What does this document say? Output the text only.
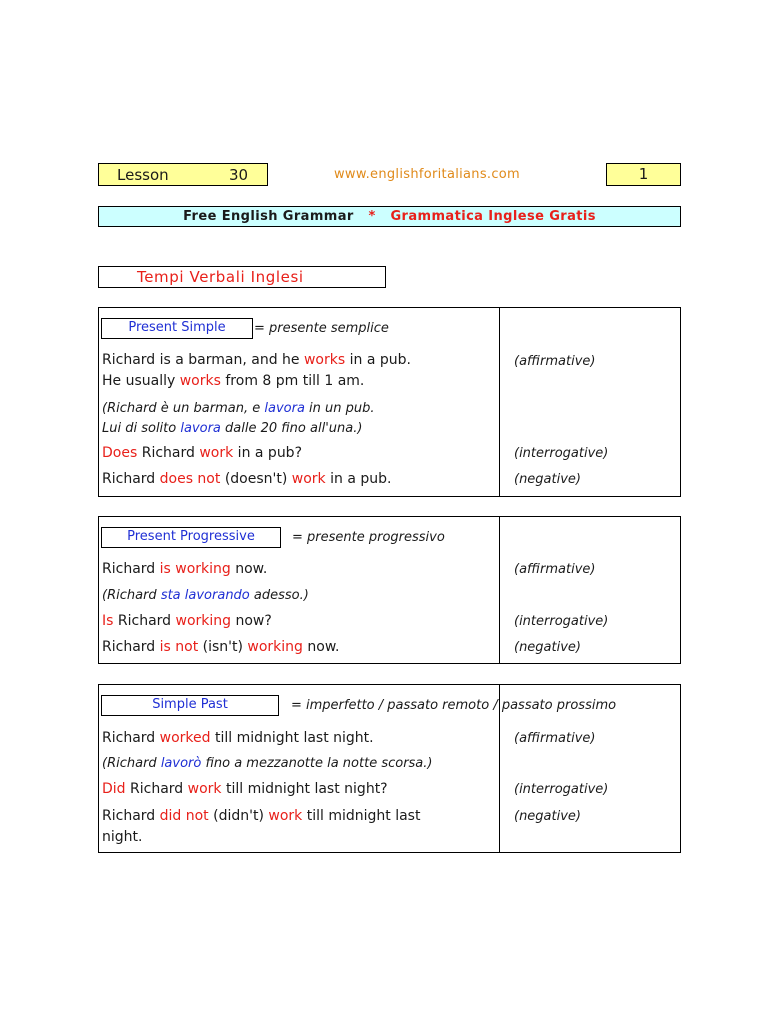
Lesson	30	www.englishforitalians.com	1
Free English Grammar * Grammatica Inglese Gratis
Tempi Verbali Inglesi
Present Simple	= presente semplice
Richard is a barman, and he works in a pub.
He usually works from 8 pm till 1 am.
(affirmative)
(Richard è un barman, e lavora in un pub.
Lui di solito lavora dalle 20 fino all'una.)
Does Richard work in a pub?	(interrogative)
Richard does not (doesn't) work in a pub.	(negative)
Present Progressive	= presente progressivo
Richard is working now.	(affirmative)
(Richard sta lavorando adesso.)
Is Richard working now?	(interrogative)
Richard is not (isn't) working now.	(negative)
Simple Past	= imperfetto / passato remoto / passato prossimo
Richard worked till midnight last night.	(affirmative)
(Richard lavorò fino a mezzanotte la notte scorsa.)
Did Richard work till midnight last night?	(interrogative)
Richard did not (didn't) work till midnight last
night.
(negative)
